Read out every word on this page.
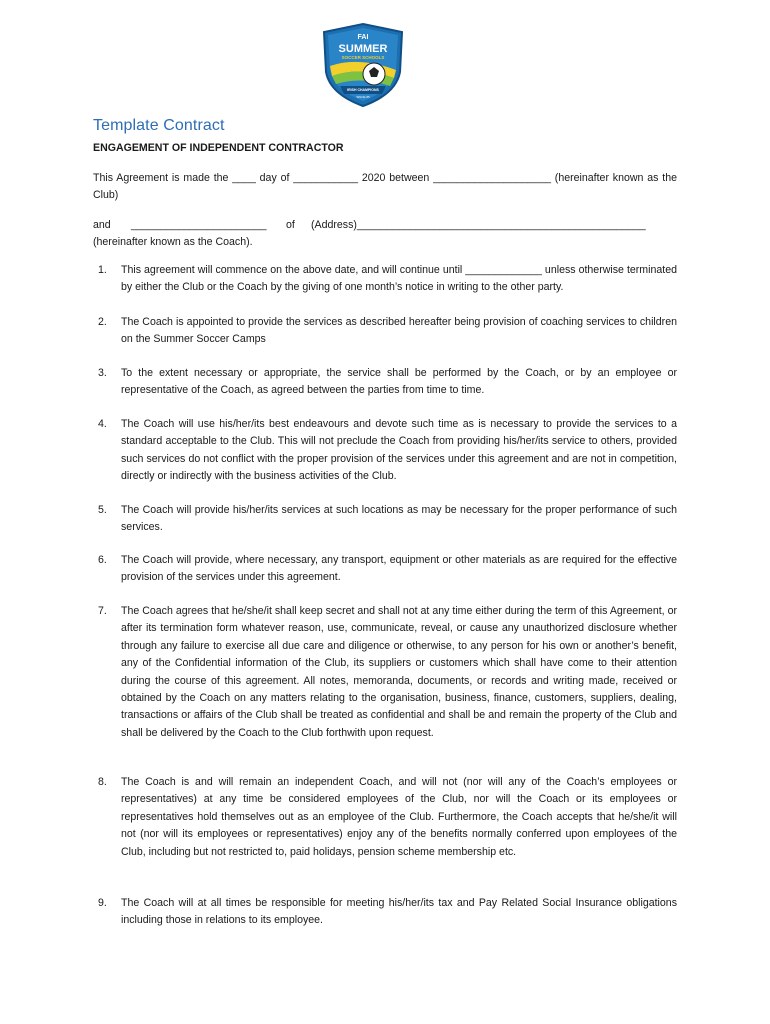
FAI
SUMMER
SOCCER SCHOOLS
IRISH CHAMPIONS
SINCE 85
Template Contract
ENGAGEMENT OF INDEPENDENT CONTRACTOR
This Agreement is made the ____ day of ___________ 2020 between ____________________ (hereinafter known as the Club)
and _______________________ of (Address)_________________________________________________
(hereinafter known as the Coach).
1. This agreement will commence on the above date, and will continue until _____________ unless otherwise terminated by either the Club or the Coach by the giving of one month’s notice in writing to the other party.
2. The Coach is appointed to provide the services as described hereafter being provision of coaching services to children on the Summer Soccer Camps
3. To the extent necessary or appropriate, the service shall be performed by the Coach, or by an employee or representative of the Coach, as agreed between the parties from time to time.
4. The Coach will use his/her/its best endeavours and devote such time as is necessary to provide the services to a standard acceptable to the Club. This will not preclude the Coach from providing his/her/its service to others, provided such services do not conflict with the proper provision of the services under this agreement and are not in competition, directly or indirectly with the business activities of the Club.
5. The Coach will provide his/her/its services at such locations as may be necessary for the proper performance of such services.
6. The Coach will provide, where necessary, any transport, equipment or other materials as are required for the effective provision of the services under this agreement.
7. The Coach agrees that he/she/it shall keep secret and shall not at any time either during the term of this Agreement, or after its termination form whatever reason, use, communicate, reveal, or cause any unauthorized disclosure whether through any failure to exercise all due care and diligence or otherwise, to any person for his own or another’s benefit, any of the Confidential information of the Club, its suppliers or customers which shall have come to their attention during the course of this agreement. All notes, memoranda, documents, or records and writing made, received or obtained by the Coach on any matters relating to the organisation, business, finance, customers, suppliers, dealing, transactions or affairs of the Club shall be treated as confidential and shall be and remain the property of the Club and shall be delivered by the Coach to the Club forthwith upon request.
8. The Coach is and will remain an independent Coach, and will not (nor will any of the Coach’s employees or representatives) at any time be considered employees of the Club, nor will the Coach or its employees or representatives hold themselves out as an employee of the Club. Furthermore, the Coach accepts that he/she/it will not (nor will its employees or representatives) enjoy any of the benefits normally conferred upon employees of the Club, including but not restricted to, paid holidays, pension scheme membership etc.
9. The Coach will at all times be responsible for meeting his/her/its tax and Pay Related Social Insurance obligations including those in relations to its employee.
